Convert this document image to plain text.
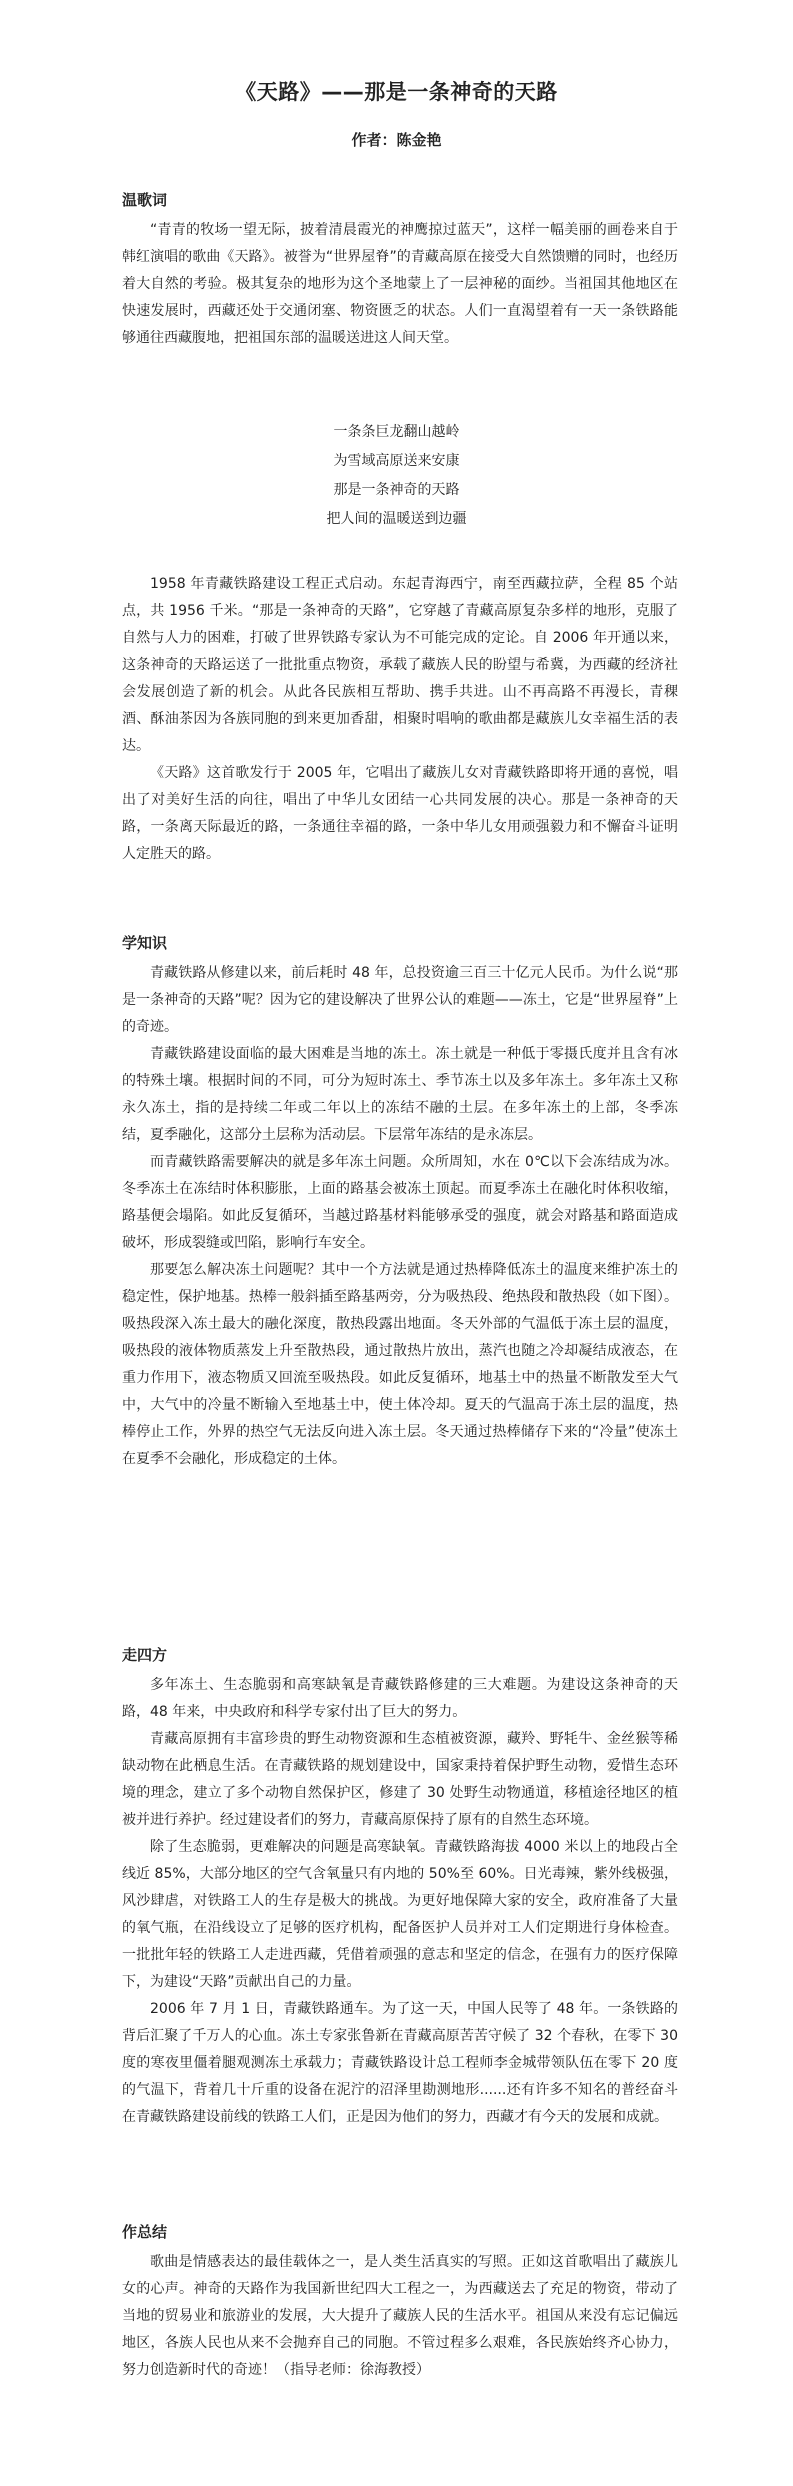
《天路》——那是一条神奇的天路
作者：陈金艳
温歌词

“青青的牧场一望无际，披着清晨霞光的神鹰掠过蓝天”，这样一幅美丽的画卷来自于韩红演唱的歌曲《天路》。被誉为“世界屋脊”的青藏高原在接受大自然馈赠的同时，也经历着大自然的考验。极其复杂的地形为这个圣地蒙上了一层神秘的面纱。当祖国其他地区在快速发展时，西藏还处于交通闭塞、物资匮乏的状态。人们一直渴望着有一天一条铁路能够通往西藏腹地，把祖国东部的温暖送进这人间天堂。

一条条巨龙翻山越岭
为雪域高原送来安康
那是一条神奇的天路
把人间的温暖送到边疆

1958 年青藏铁路建设工程正式启动。东起青海西宁，南至西藏拉萨，全程 85 个站点，共 1956 千米。“那是一条神奇的天路”，它穿越了青藏高原复杂多样的地形，克服了自然与人力的困难，打破了世界铁路专家认为不可能完成的定论。自 2006 年开通以来，这条神奇的天路运送了一批批重点物资，承载了藏族人民的盼望与希冀，为西藏的经济社会发展创造了新的机会。从此各民族相互帮助、携手共进。山不再高路不再漫长，青稞酒、酥油茶因为各族同胞的到来更加香甜，相聚时唱响的歌曲都是藏族儿女幸福生活的表达。

《天路》这首歌发行于 2005 年，它唱出了藏族儿女对青藏铁路即将开通的喜悦，唱出了对美好生活的向往，唱出了中华儿女团结一心共同发展的决心。那是一条神奇的天路，一条离天际最近的路，一条通往幸福的路，一条中华儿女用顽强毅力和不懈奋斗证明人定胜天的路。

学知识

青藏铁路从修建以来，前后耗时 48 年，总投资逾三百三十亿元人民币。为什么说“那是一条神奇的天路”呢？因为它的建设解决了世界公认的难题——冻土，它是“世界屋脊”上的奇迹。

青藏铁路建设面临的最大困难是当地的冻土。冻土就是一种低于零摄氏度并且含有冰的特殊土壤。根据时间的不同，可分为短时冻土、季节冻土以及多年冻土。多年冻土又称永久冻土，指的是持续二年或二年以上的冻结不融的土层。在多年冻土的上部，冬季冻结，夏季融化，这部分土层称为活动层。下层常年冻结的是永冻层。

而青藏铁路需要解决的就是多年冻土问题。众所周知，水在 0℃以下会冻结成为冰。冬季冻土在冻结时体积膨胀，上面的路基会被冻土顶起。而夏季冻土在融化时体积收缩，路基便会塌陷。如此反复循环，当越过路基材料能够承受的强度，就会对路基和路面造成破坏，形成裂缝或凹陷，影响行车安全。

那要怎么解决冻土问题呢？其中一个方法就是通过热棒降低冻土的温度来维护冻土的稳定性，保护地基。热棒一般斜插至路基两旁，分为吸热段、绝热段和散热段（如下图）。吸热段深入冻土最大的融化深度，散热段露出地面。冬天外部的气温低于冻土层的温度，吸热段的液体物质蒸发上升至散热段，通过散热片放出，蒸汽也随之冷却凝结成液态，在重力作用下，液态物质又回流至吸热段。如此反复循环，地基土中的热量不断散发至大气中，大气中的冷量不断输入至地基土中，使土体冷却。夏天的气温高于冻土层的温度，热棒停止工作，外界的热空气无法反向进入冻土层。冬天通过热棒储存下来的“冷量”使冻土在夏季不会融化，形成稳定的土体。

走四方

多年冻土、生态脆弱和高寒缺氧是青藏铁路修建的三大难题。为建设这条神奇的天路，48 年来，中央政府和科学专家付出了巨大的努力。

青藏高原拥有丰富珍贵的野生动物资源和生态植被资源，藏羚、野牦牛、金丝猴等稀缺动物在此栖息生活。在青藏铁路的规划建设中，国家秉持着保护野生动物，爱惜生态环境的理念，建立了多个动物自然保护区，修建了 30 处野生动物通道，移植途径地区的植被并进行养护。经过建设者们的努力，青藏高原保持了原有的自然生态环境。

除了生态脆弱，更难解决的问题是高寒缺氧。青藏铁路海拔 4000 米以上的地段占全线近 85%，大部分地区的空气含氧量只有内地的 50%至 60%。日光毒辣，紫外线极强，风沙肆虐，对铁路工人的生存是极大的挑战。为更好地保障大家的安全，政府准备了大量的氧气瓶，在沿线设立了足够的医疗机构，配备医护人员并对工人们定期进行身体检查。一批批年轻的铁路工人走进西藏，凭借着顽强的意志和坚定的信念，在强有力的医疗保障下，为建设“天路”贡献出自己的力量。

2006 年 7 月 1 日，青藏铁路通车。为了这一天，中国人民等了 48 年。一条铁路的背后汇聚了千万人的心血。冻土专家张鲁新在青藏高原苦苦守候了 32 个春秋，在零下 30 度的寒夜里僵着腿观测冻土承载力；青藏铁路设计总工程师李金城带领队伍在零下 20 度的气温下，背着几十斤重的设备在泥泞的沼泽里勘测地形......还有许多不知名的普经奋斗在青藏铁路建设前线的铁路工人们，正是因为他们的努力，西藏才有今天的发展和成就。

作总结

歌曲是情感表达的最佳载体之一，是人类生活真实的写照。正如这首歌唱出了藏族儿女的心声。神奇的天路作为我国新世纪四大工程之一，为西藏送去了充足的物资，带动了当地的贸易业和旅游业的发展，大大提升了藏族人民的生活水平。祖国从来没有忘记偏远地区，各族人民也从来不会抛弃自己的同胞。不管过程多么艰难，各民族始终齐心协力，努力创造新时代的奇迹！（指导老师：徐海教授）
